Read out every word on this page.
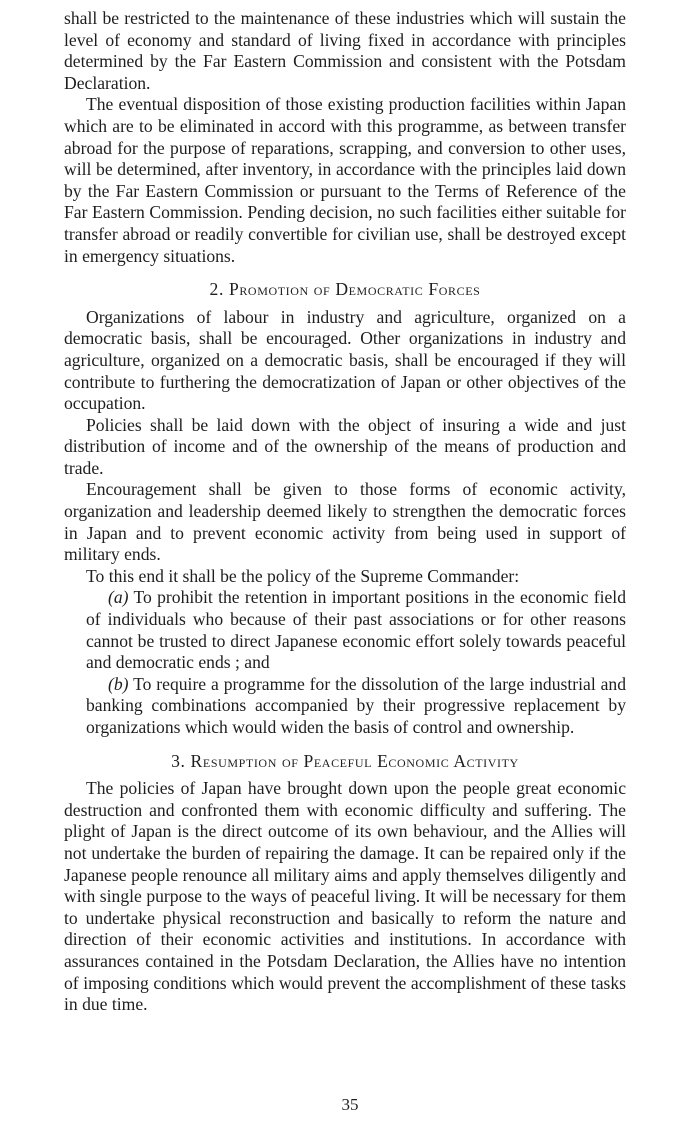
shall be restricted to the maintenance of these industries which will sustain the level of economy and standard of living fixed in accordance with principles determined by the Far Eastern Commission and consistent with the Potsdam Declaration.

The eventual disposition of those existing production facilities within Japan which are to be eliminated in accord with this programme, as between transfer abroad for the purpose of reparations, scrapping, and conversion to other uses, will be determined, after inventory, in accordance with the principles laid down by the Far Eastern Commission or pursuant to the Terms of Reference of the Far Eastern Commission. Pending decision, no such facilities either suitable for transfer abroad or readily convertible for civilian use, shall be destroyed except in emergency situations.

2. Promotion of Democratic Forces

Organizations of labour in industry and agriculture, organized on a democratic basis, shall be encouraged. Other organizations in industry and agriculture, organized on a democratic basis, shall be encouraged if they will contribute to furthering the democratization of Japan or other objectives of the occupation.

Policies shall be laid down with the object of insuring a wide and just distribution of income and of the ownership of the means of production and trade.

Encouragement shall be given to those forms of economic activity, organization and leadership deemed likely to strengthen the democratic forces in Japan and to prevent economic activity from being used in support of military ends.

To this end it shall be the policy of the Supreme Commander:

(a) To prohibit the retention in important positions in the economic field of individuals who because of their past associations or for other reasons cannot be trusted to direct Japanese economic effort solely towards peaceful and democratic ends ; and

(b) To require a programme for the dissolution of the large industrial and banking combinations accompanied by their progressive replacement by organizations which would widen the basis of control and ownership.

3. Resumption of Peaceful Economic Activity

The policies of Japan have brought down upon the people great economic destruction and confronted them with economic difficulty and suffering. The plight of Japan is the direct outcome of its own behaviour, and the Allies will not undertake the burden of repairing the damage. It can be repaired only if the Japanese people renounce all military aims and apply themselves diligently and with single purpose to the ways of peaceful living. It will be necessary for them to undertake physical reconstruction and basically to reform the nature and direction of their economic activities and institutions. In accordance with assurances contained in the Potsdam Declaration, the Allies have no intention of imposing conditions which would prevent the accomplishment of these tasks in due time.

35
